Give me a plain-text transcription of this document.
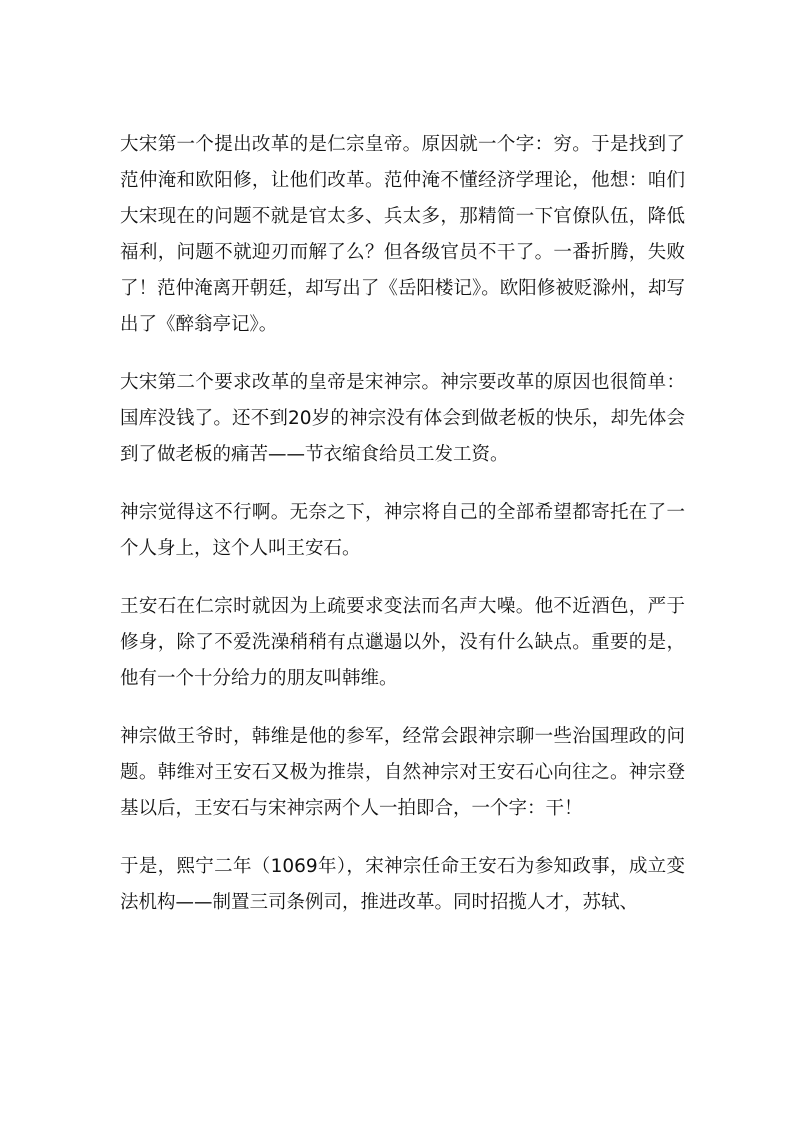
大宋第一个提出改革的是仁宗皇帝。原因就一个字：穷。于是找到了范仲淹和欧阳修，让他们改革。范仲淹不懂经济学理论，他想：咱们大宋现在的问题不就是官太多、兵太多，那精简一下官僚队伍，降低福利，问题不就迎刃而解了么？但各级官员不干了。一番折腾，失败了！范仲淹离开朝廷，却写出了《岳阳楼记》。欧阳修被贬滁州，却写出了《醉翁亭记》。

大宋第二个要求改革的皇帝是宋神宗。神宗要改革的原因也很简单：国库没钱了。还不到20岁的神宗没有体会到做老板的快乐，却先体会到了做老板的痛苦——节衣缩食给员工发工资。

神宗觉得这不行啊。无奈之下，神宗将自己的全部希望都寄托在了一个人身上，这个人叫王安石。

王安石在仁宗时就因为上疏要求变法而名声大噪。他不近酒色，严于修身，除了不爱洗澡稍稍有点邋遢以外，没有什么缺点。重要的是，他有一个十分给力的朋友叫韩维。

神宗做王爷时，韩维是他的参军，经常会跟神宗聊一些治国理政的问题。韩维对王安石又极为推崇，自然神宗对王安石心向往之。神宗登基以后，王安石与宋神宗两个人一拍即合，一个字：干！

于是，熙宁二年（1069年），宋神宗任命王安石为参知政事，成立变法机构——制置三司条例司，推进改革。同时招揽人才，苏轼、
